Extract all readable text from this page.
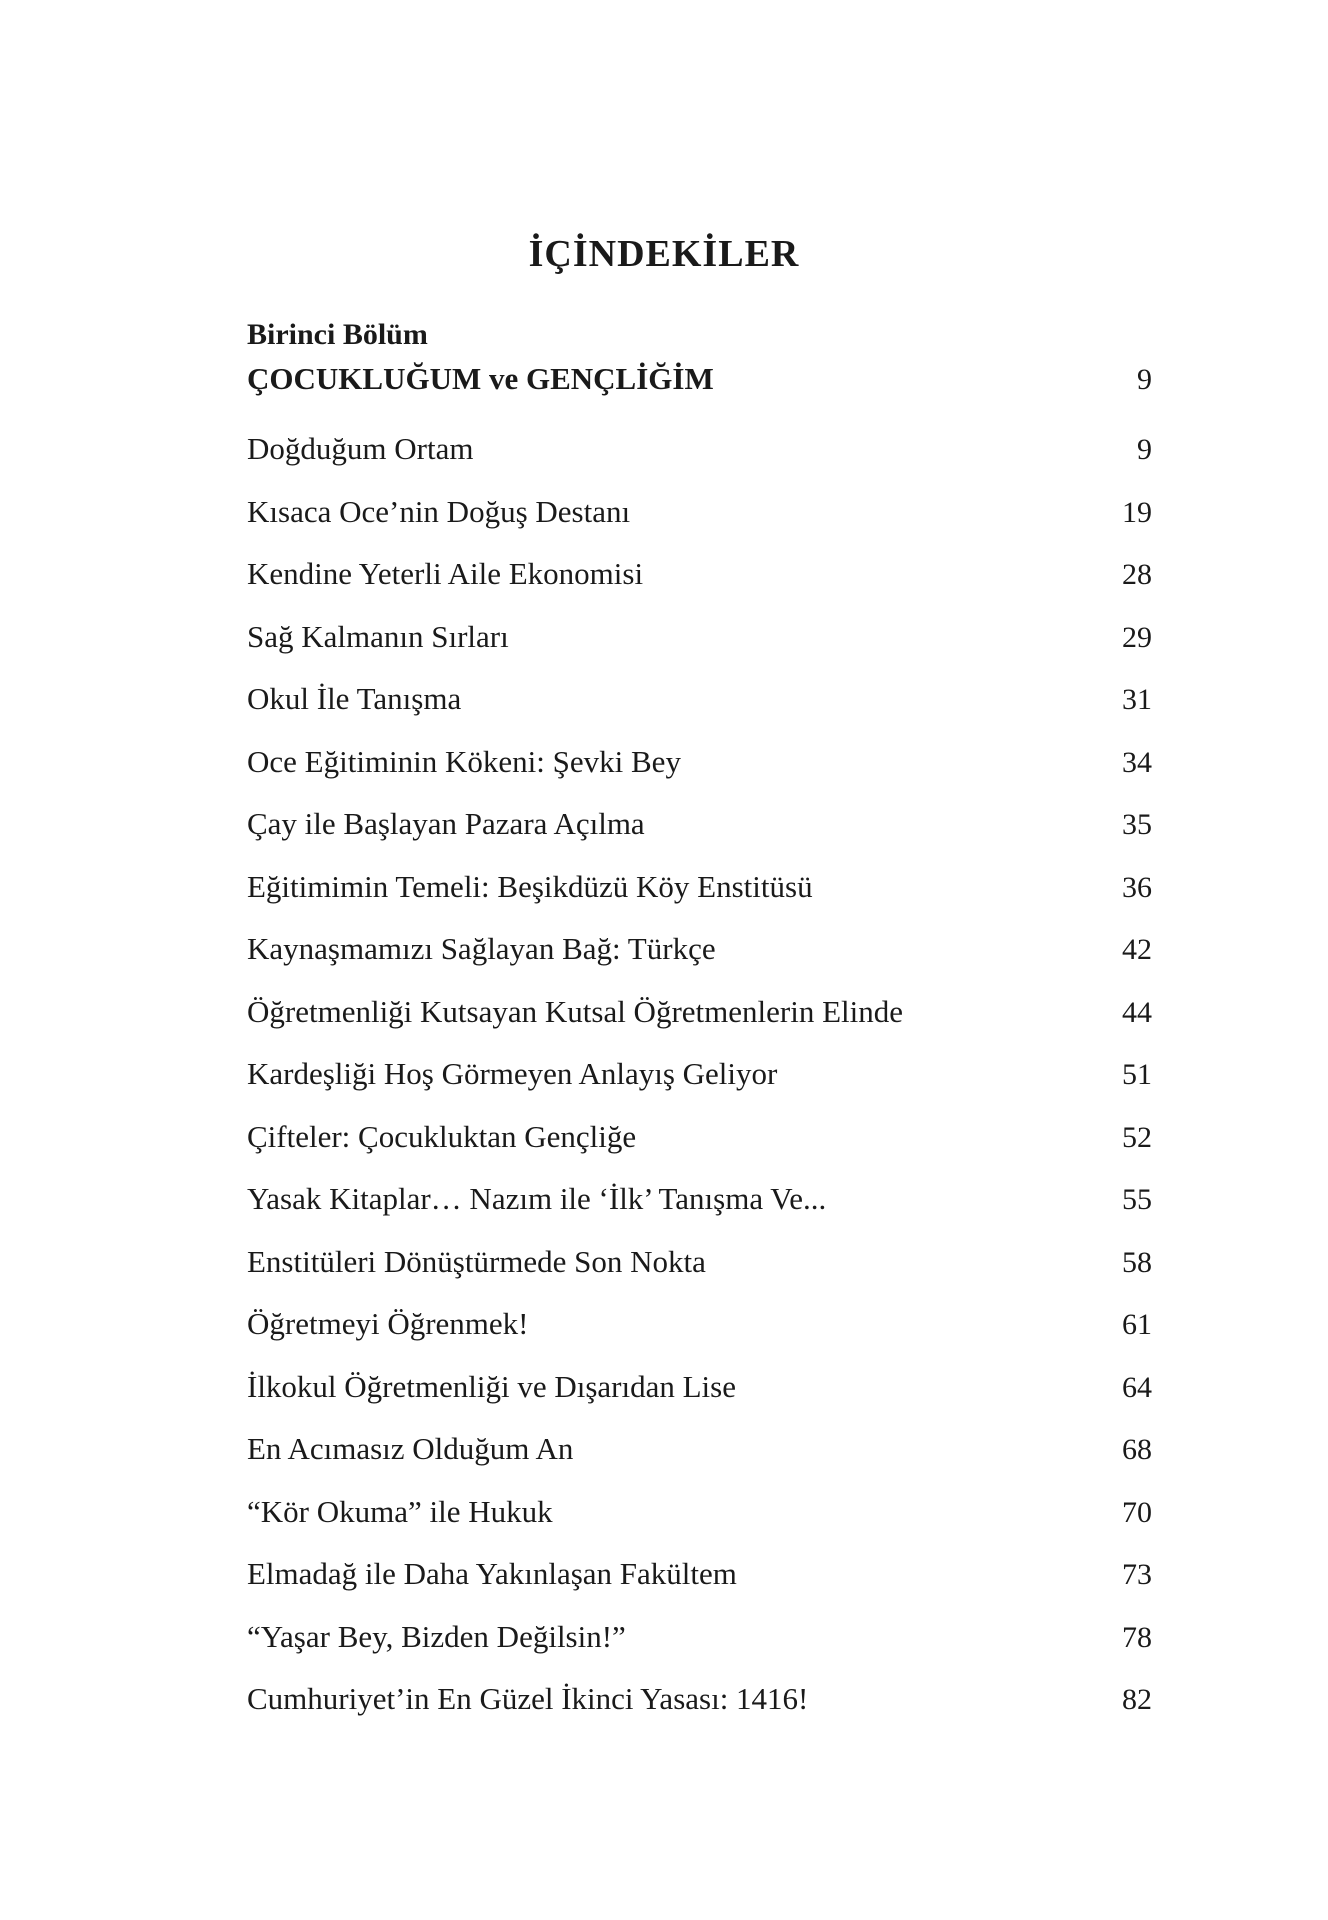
İÇİNDEKİLER
Birinci Bölüm
ÇOCUKLUĞUM ve GENÇLİĞİM	9
Doğduğum Ortam	9
Kısaca Oce’nin Doğuş Destanı	19
Kendine Yeterli Aile Ekonomisi	28
Sağ Kalmanın Sırları	29
Okul İle Tanışma	31
Oce Eğitiminin Kökeni: Şevki Bey	34
Çay ile Başlayan Pazara Açılma	35
Eğitimimin Temeli: Beşikdüzü Köy Enstitüsü	36
Kaynaşmamızı Sağlayan Bağ: Türkçe	42
Öğretmenliği Kutsayan Kutsal Öğretmenlerin Elinde	44
Kardeşliği Hoş Görmeyen Anlayış Geliyor	51
Çifteler: Çocukluktan Gençliğe	52
Yasak Kitaplar… Nazım ile ‘İlk’ Tanışma Ve...	55
Enstitüleri Dönüştürmede Son Nokta	58
Öğretmeyi Öğrenmek!	61
İlkokul Öğretmenliği ve Dışarıdan Lise	64
En Acımasız Olduğum An	68
“Kör Okuma” ile Hukuk	70
Elmadağ ile Daha Yakınlaşan Fakültem	73
“Yaşar Bey, Bizden Değilsin!”	78
Cumhuriyet’in En Güzel İkinci Yasası: 1416!	82
